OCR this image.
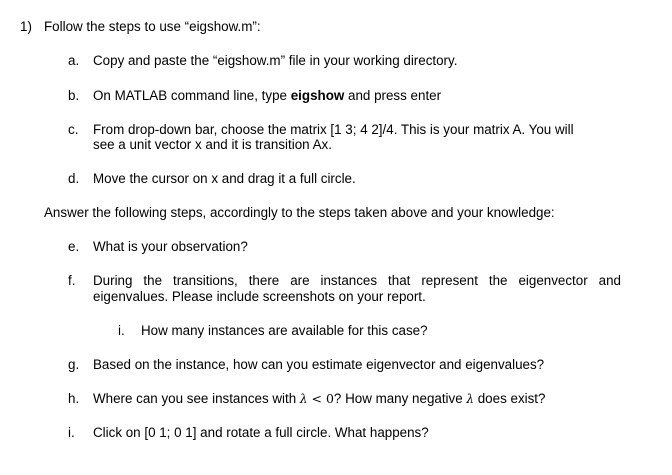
1) Follow the steps to use “eigshow.m”:
a. Copy and paste the “eigshow.m” file in your working directory.
b. On MATLAB command line, type eigshow and press enter
c. From drop-down bar, choose the matrix [1 3; 4 2]/4. This is your matrix A. You will
see a unit vector x and it is transition Ax.
d. Move the cursor on x and drag it a full circle.
Answer the following steps, accordingly to the steps taken above and your knowledge:
e. What is your observation?
f. During the transitions, there are instances that represent the eigenvector and
eigenvalues. Please include screenshots on your report.
i. How many instances are available for this case?
g. Based on the instance, how can you estimate eigenvector and eigenvalues?
h. Where can you see instances with λ < 0? How many negative λ does exist?
i. Click on [0 1; 0 1] and rotate a full circle. What happens?
